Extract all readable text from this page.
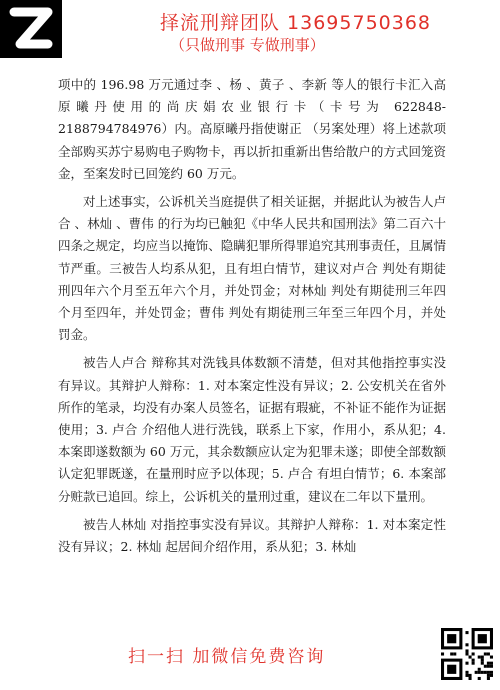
择流刑辩团队 13695750368
（只做刑事 专做刑事）

项中的 196.98 万元通过李 、杨 、黄子 、李新 等人的银行卡汇入高原曦丹使用的尚庆娟农业银行卡（卡号为 622848-2188794784976）内。高原曦丹指使谢正 （另案处理）将上述款项全部购买苏宁易购电子购物卡，再以折扣重新出售给散户的方式回笼资金，至案发时已回笼约 60 万元。

对上述事实，公诉机关当庭提供了相关证据，并据此认为被告人卢合 、林灿 、曹伟 的行为均已触犯《中华人民共和国刑法》第二百六十四条之规定，均应当以掩饰、隐瞒犯罪所得罪追究其刑事责任，且属情节严重。三被告人均系从犯，且有坦白情节，建议对卢合 判处有期徒刑四年六个月至五年六个月，并处罚金；对林灿 判处有期徒刑三年四个月至四年，并处罚金；曹伟 判处有期徒刑三年至三年四个月，并处罚金。

被告人卢合 辩称其对洗钱具体数额不清楚，但对其他指控事实没有异议。其辩护人辩称：1. 对本案定性没有异议；2. 公安机关在省外所作的笔录，均没有办案人员签名，证据有瑕疵，不补证不能作为证据使用；3. 卢合 介绍他人进行洗钱，联系上下家，作用小，系从犯；4. 本案即遂数额为 60 万元，其余数额应认定为犯罪未遂；即使全部数额认定犯罪既遂，在量刑时应予以体现；5. 卢合 有坦白情节；6. 本案部分赃款已追回。综上，公诉机关的量刑过重，建议在二年以下量刑。

被告人林灿 对指控事实没有异议。其辩护人辩称：1. 对本案定性没有异议；2. 林灿 起居间介绍作用，系从犯；3. 林灿

扫一扫 加微信免费咨询
